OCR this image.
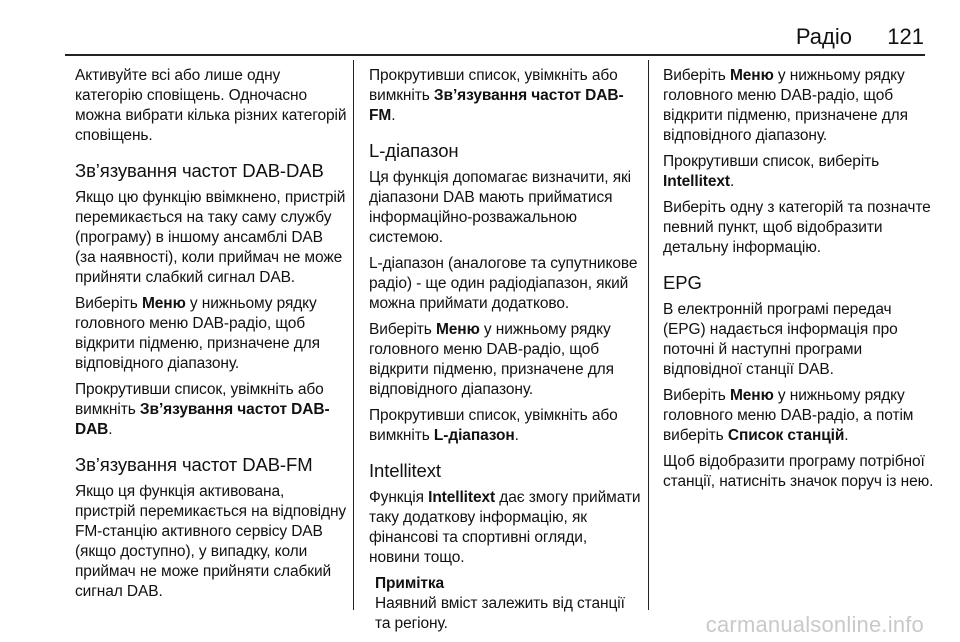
Радіо 121

Активуйте всі або лише одну категорію сповіщень. Одночасно можна вибрати кілька різних категорій сповіщень.

Зв’язування частот DAB-DAB

Якщо цю функцію ввімкнено, пристрій перемикається на таку саму службу (програму) в іншому ансамблі DAB (за наявності), коли приймач не може прийняти слабкий сигнал DAB.

Виберіть Меню у нижньому рядку головного меню DAB-радіо, щоб відкрити підменю, призначене для відповідного діапазону.

Прокрутивши список, увімкніть або вимкніть Зв’язування частот DAB-DAB.

Зв’язування частот DAB-FM

Якщо ця функція активована, пристрій перемикається на відповідну FM-станцію активного сервісу DAB (якщо доступно), у випадку, коли приймач не може прийняти слабкий сигнал DAB.

Прокрутивши список, увімкніть або вимкніть Зв’язування частот DAB-FM.

L-діапазон

Ця функція допомагає визначити, які діапазони DAB мають прийматися інформаційно-розважальною системою.

L-діапазон (аналогове та супутникове радіо) - ще один радіодіапазон, який можна приймати додатково.

Виберіть Меню у нижньому рядку головного меню DAB-радіо, щоб відкрити підменю, призначене для відповідного діапазону.

Прокрутивши список, увімкніть або вимкніть L-діапазон.

Intellitext

Функція Intellitext дає змогу приймати таку додаткову інформацію, як фінансові та спортивні огляди, новини тощо.

Примітка
Наявний вміст залежить від станції та регіону.

Виберіть Меню у нижньому рядку головного меню DAB-радіо, щоб відкрити підменю, призначене для відповідного діапазону.

Прокрутивши список, виберіть Intellitext.

Виберіть одну з категорій та позначте певний пункт, щоб відобразити детальну інформацію.

EPG

В електронній програмі передач (EPG) надається інформація про поточні й наступні програми відповідної станції DAB.

Виберіть Меню у нижньому рядку головного меню DAB-радіо, а потім виберіть Список станцій.

Щоб відобразити програму потрібної станції, натисніть значок поруч із нею.

carmanualsonline.info
